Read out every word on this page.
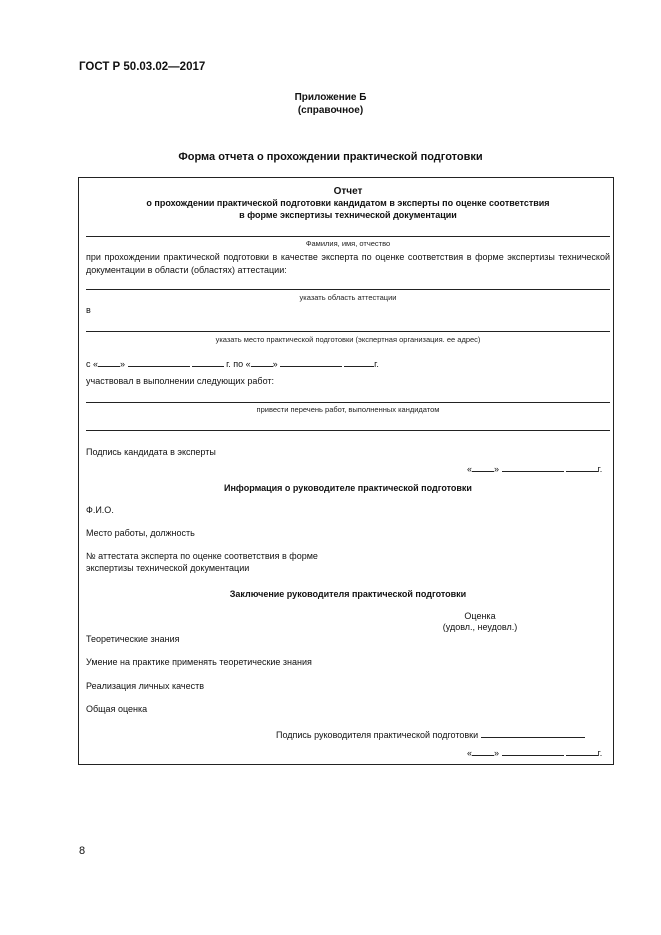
ГОСТ Р 50.03.02—2017
Приложение Б
(справочное)
Форма отчета о прохождении практической подготовки
Отчет
о прохождении практической подготовки кандидатом в эксперты по оценке соответствия
в форме экспертизы технической документации
Фамилия, имя, отчество
при прохождении практической подготовки в качестве эксперта по оценке соответствия в форме экспертизы технической документации в области (областях) аттестации:
указать область аттестации
в
указать место практической подготовки (экспертная организация. ее адрес)
с « »	г. по « »	г.
участвовал в выполнении следующих работ:
привести перечень работ, выполненных кандидатом
Подпись кандидата в эксперты
« »	г.
Информация о руководителе практической подготовки
Ф.И.О.
Место работы, должность
№ аттестата эксперта по оценке соответствия в форме
экспертизы технической документации
Заключение руководителя практической подготовки
Оценка
(удовл., неудовл.)
Теоретические знания
Умение на практике применять теоретические знания
Реализация личных качеств
Общая оценка
Подпись руководителя практической подготовки
« »	г.
8
